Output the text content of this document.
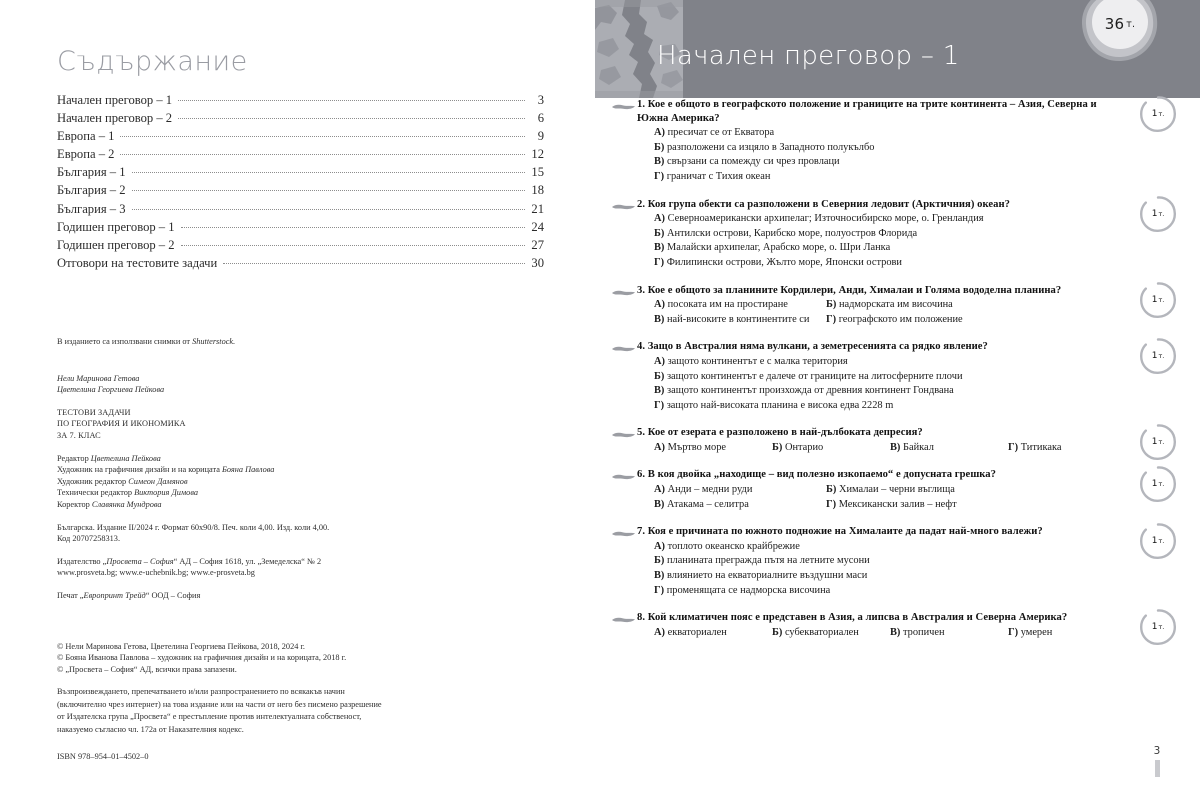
Съдържание
Начален преговор – 1	3
Начален преговор – 2	6
Европа – 1	9
Европа – 2	12
България – 1	15
България – 2	18
България – 3	21
Годишен преговор – 1	24
Годишен преговор – 2	27
Отговори на тестовите задачи	30

В изданието са използвани снимки от Shutterstock.

Нели Маринова Гетова

Цветелина Георгиева Пейкова

ТЕСТОВИ ЗАДАЧИ

ПО ГЕОГРАФИЯ И ИКОНОМИКА

ЗА 7. КЛАС

Редактор Цветелина Пейкова

Художник на графичния дизайн и на корицата Бояна Павлова

Художник редактор Симеон Дамянов

Технически редактор Виктория Димова

Коректор Славянка Мундрова

Българска. Издание II/2024 г. Формат 60х90/8. Печ. коли 4,00. Изд. коли 4,00.

Код 20707258313.

Издателство „Просвета – София“ АД – София 1618, ул. „Земеделска“ № 2

www.prosveta.bg; www.e-uchebnik.bg; www.e-prosveta.bg

Печат „Европринт Трейд“ ООД – София

© Нели Маринова Гетова, Цветелина Георгиева Пейкова, 2018, 2024 г.

© Бояна Иванова Павлова – художник на графичния дизайн и на корицата, 2018 г.

© „Просвета – София“ АД, всички права запазени.

Възпроизвеждането, препечатването и/или разпространението по всякакъв начин

(включително чрез интернет) на това издание или на части от него без писмено разрешение

от Издателска група „Просвета“ е престъпление против интелектуалната собственост,

наказуемо съгласно чл. 172а от Наказателния кодекс.

ISBN 978–954–01–4502–0
Начален преговор – 1
36 т.
1. Кое е общото в географското положение и границите на трите континента – Азия, Северна и Южна Америка?
А) пресичат се от Екватора
Б) разположени са изцяло в Западното полукълбо
В) свързани са помежду си чрез провлаци
Г) граничат с Тихия океан
1 т.
2. Коя група обекти са разположени в Северния ледовит (Арктичния) океан?
А) Северноамерикански архипелаг; Източносибирско море, о. Гренландия
Б) Антилски острови, Карибско море, полуостров Флорида
В) Малайски архипелаг, Арабско море, о. Шри Ланка
Г) Филипински острови, Жълто море, Японски острови
1 т.
3. Кое е общото за планините Кордилери, Анди, Хималаи и Голяма вододелна планина?
А) посоката им на простиране	Б) надморската им височина
В) най-високите в континентите си	Г) географското им положение
1 т.
4. Защо в Австралия няма вулкани, а земетресенията са рядко явление?
А) защото континентът е с малка територия
Б) защото континентът е далече от границите на литосферните плочи
В) защото континентът произхожда от древния континент Гондвана
Г) защото най-високата планина е висока едва 2228 m
1 т.
5. Кое от езерата е разположено в най-дълбоката депресия?
А) Мъртво море	Б) Онтарио	В) Байкал	Г) Титикака	1 т.
6. В коя двойка „находище – вид полезно изкопаемо“ е допусната грешка?
А) Анди – медни руди	Б) Хималаи – черни въглища
В) Атакама – селитра	Г) Мексикански залив – нефт
1 т.
7. Коя е причината по южното подножие на Хималаите да падат най-много валежи?
А) топлото океанско крайбрежие
Б) планината прегражда пътя на летните мусони
В) влиянието на екваториалните въздушни маси
Г) променящата се надморска височина
1 т.
8. Кой климатичен пояс е представен в Азия, а липсва в Австралия и Северна Америка?
А) екваториален	Б) субекваториален	В) тропичен	Г) умерен	1 т.
3
